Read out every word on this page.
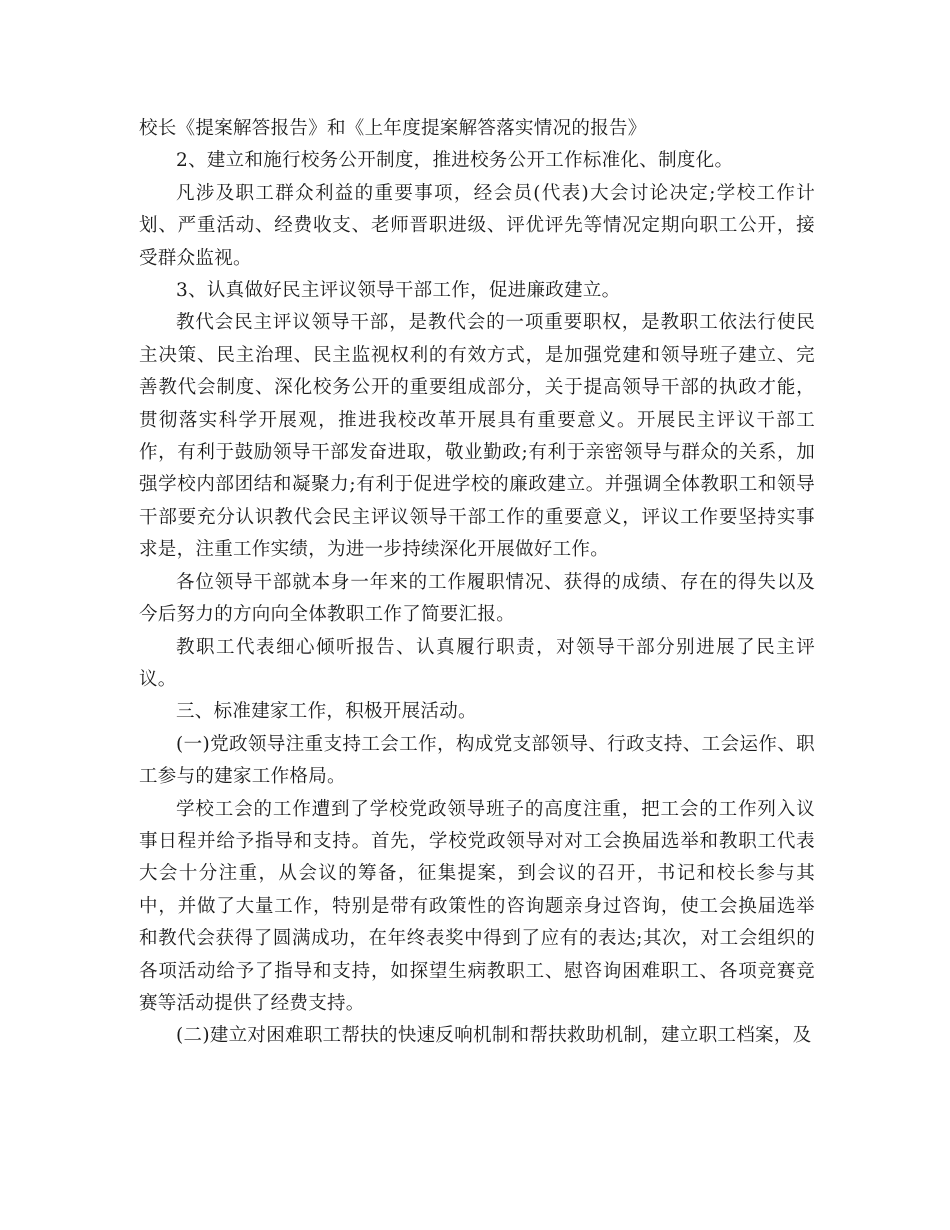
校长《提案解答报告》和《上年度提案解答落实情况的报告》

2、建立和施行校务公开制度，推进校务公开工作标准化、制度化。

凡涉及职工群众利益的重要事项，经会员(代表)大会讨论决定;学校工作计划、严重活动、经费收支、老师晋职进级、评优评先等情况定期向职工公开，接受群众监视。

3、认真做好民主评议领导干部工作，促进廉政建立。

教代会民主评议领导干部，是教代会的一项重要职权，是教职工依法行使民主决策、民主治理、民主监视权利的有效方式，是加强党建和领导班子建立、完善教代会制度、深化校务公开的重要组成部分，关于提高领导干部的执政才能，贯彻落实科学开展观，推进我校改革开展具有重要意义。开展民主评议干部工作，有利于鼓励领导干部发奋进取，敬业勤政;有利于亲密领导与群众的关系，加强学校内部团结和凝聚力;有利于促进学校的廉政建立。并强调全体教职工和领导干部要充分认识教代会民主评议领导干部工作的重要意义，评议工作要坚持实事求是，注重工作实绩，为进一步持续深化开展做好工作。

各位领导干部就本身一年来的工作履职情况、获得的成绩、存在的得失以及今后努力的方向向全体教职工作了简要汇报。

教职工代表细心倾听报告、认真履行职责，对领导干部分别进展了民主评议。

三、标准建家工作，积极开展活动。

(一)党政领导注重支持工会工作，构成党支部领导、行政支持、工会运作、职工参与的建家工作格局。

学校工会的工作遭到了学校党政领导班子的高度注重，把工会的工作列入议事日程并给予指导和支持。首先，学校党政领导对对工会换届选举和教职工代表大会十分注重，从会议的筹备，征集提案，到会议的召开，书记和校长参与其中，并做了大量工作，特别是带有政策性的咨询题亲身过咨询，使工会换届选举和教代会获得了圆满成功，在年终表奖中得到了应有的表达;其次，对工会组织的各项活动给予了指导和支持，如探望生病教职工、慰咨询困难职工、各项竞赛竞赛等活动提供了经费支持。

(二)建立对困难职工帮扶的快速反响机制和帮扶救助机制，建立职工档案，及
